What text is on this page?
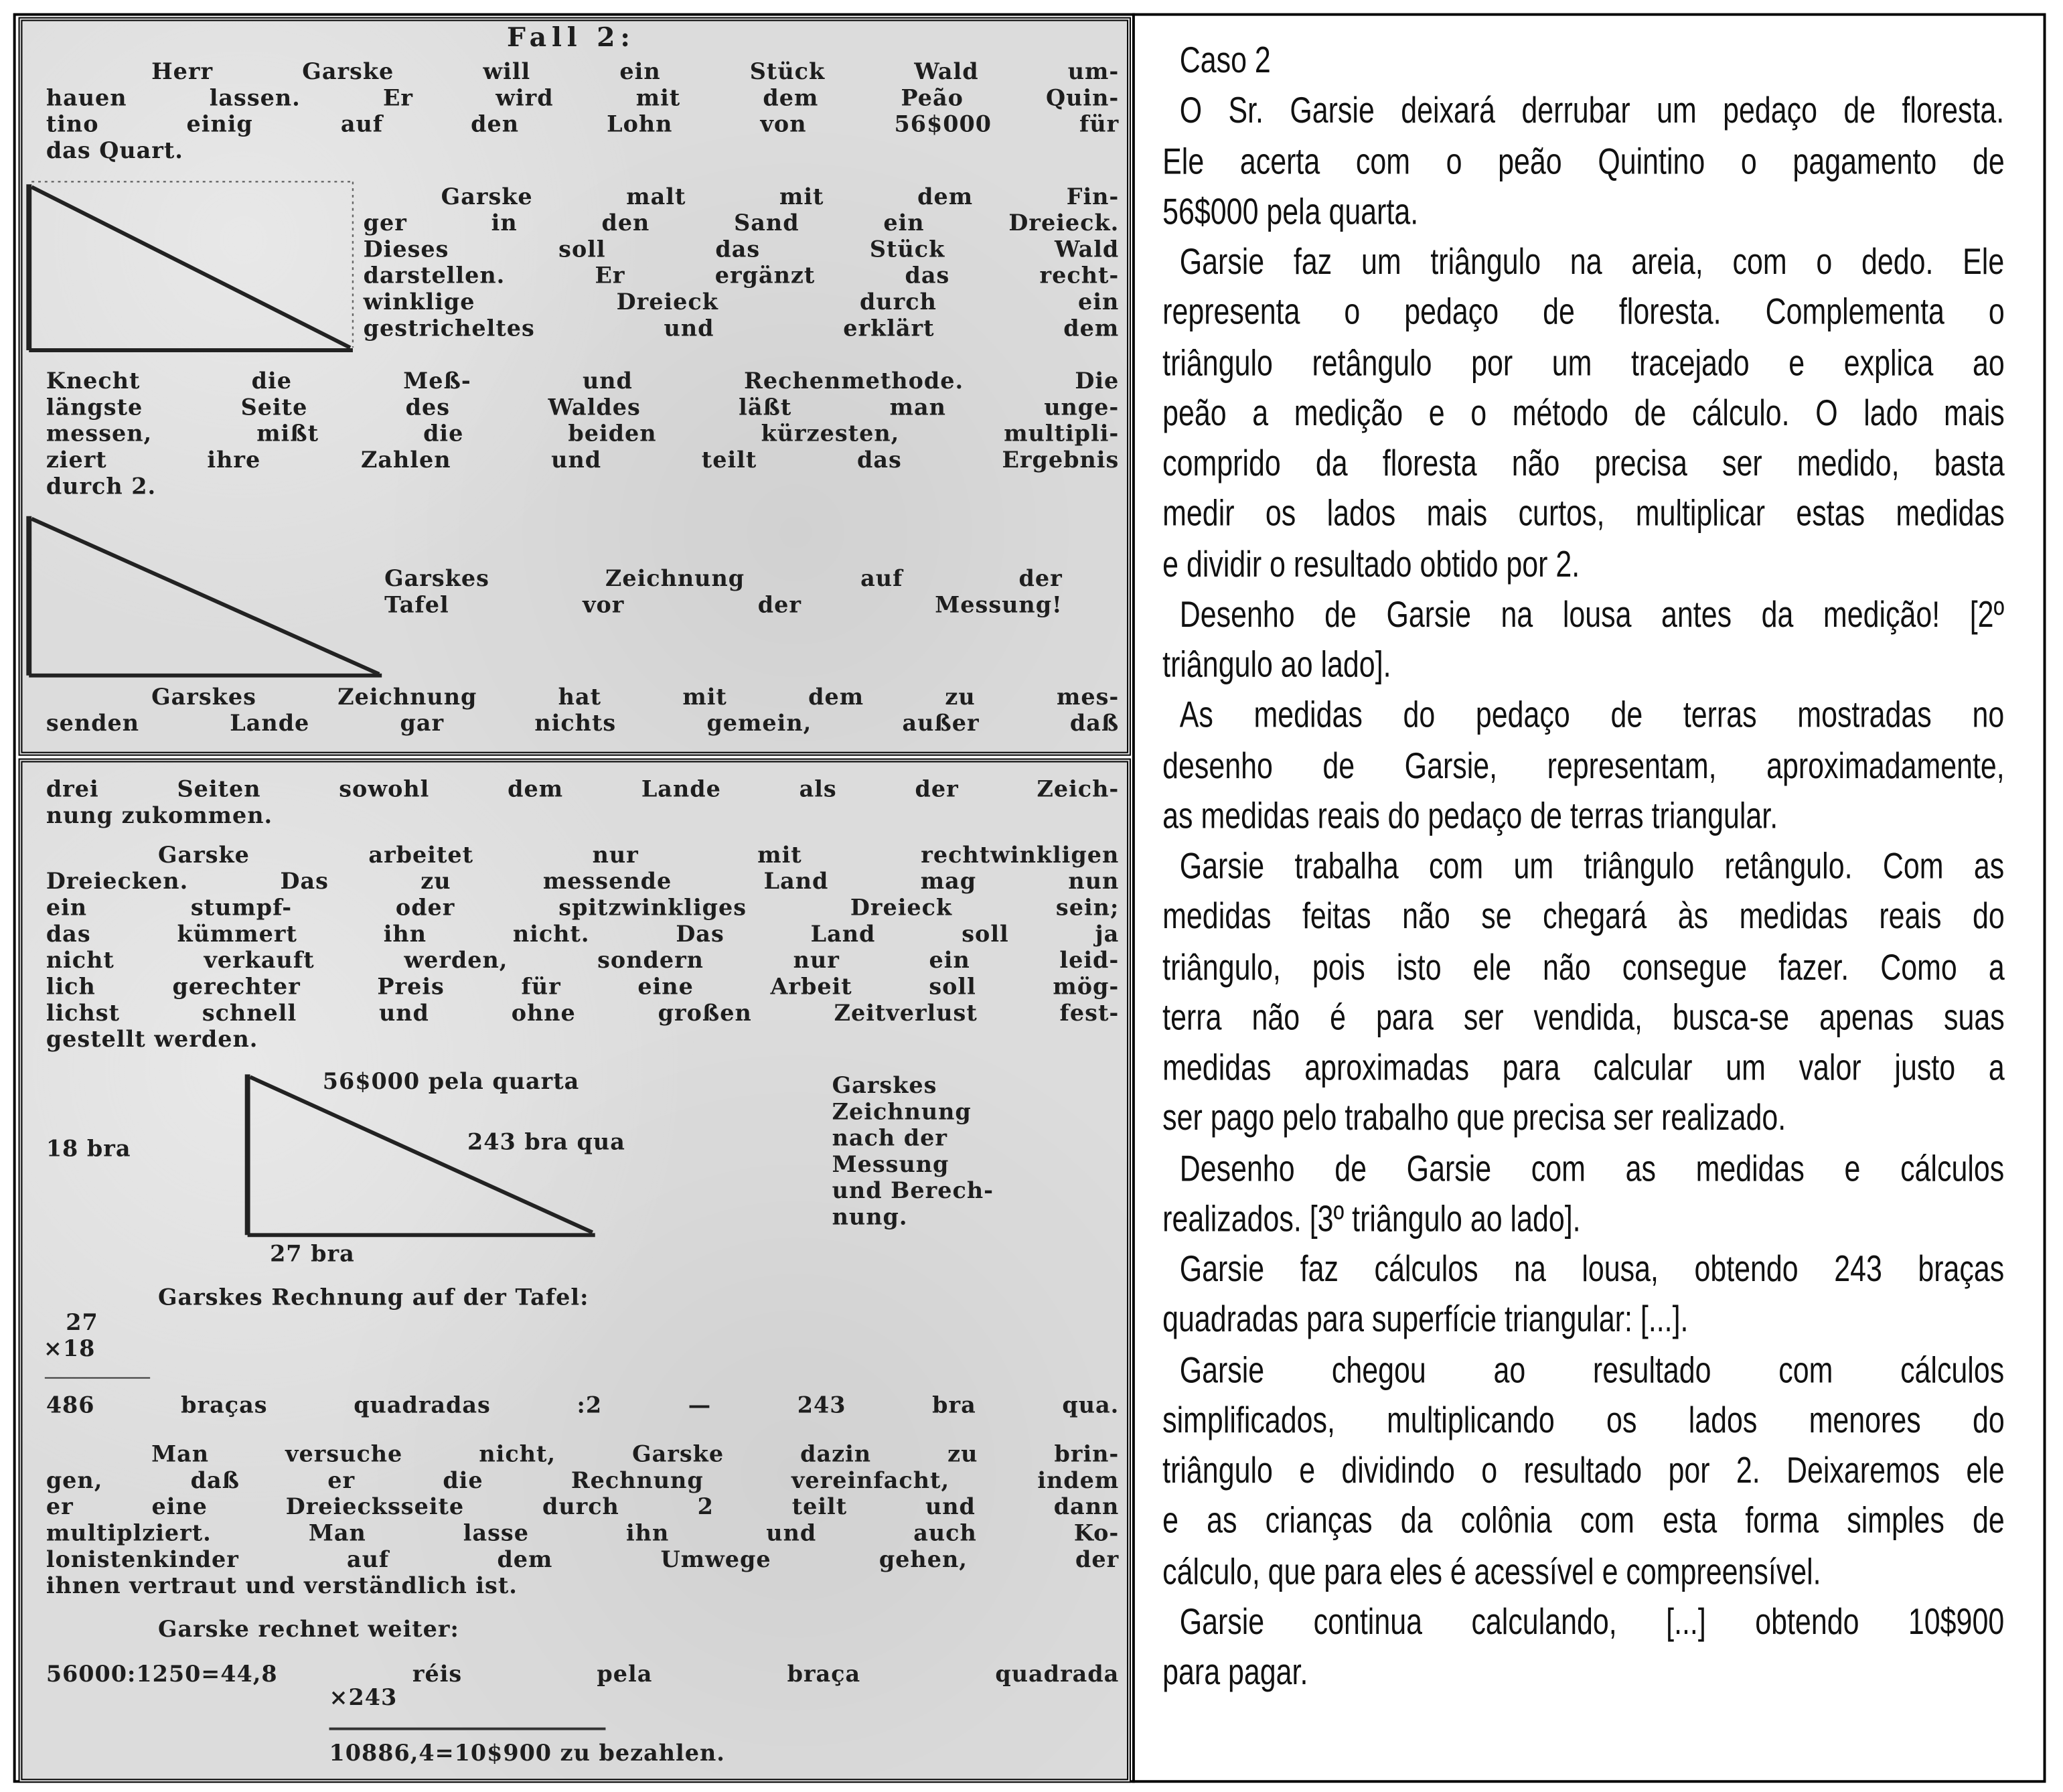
Fall 2:
hauen lassen. Er wird mit dem Peão Quin-
tino einig auf den Lohn von 56$000 für
das Quart.
Herr Garske will ein Stück Wald um-
Garske malt mit dem Fin-
ger in den Sand ein Dreieck.
Dieses soll das Stück Wald
darstellen. Er ergänzt das recht-
winklige Dreieck durch ein
gestricheltes und erklärt dem
Knecht die Meß- und Rechenmethode. Die
längste Seite des Waldes läßt man unge-
messen, mißt die beiden kürzesten, multipli-
ziert ihre Zahlen und teilt das Ergebnis
durch 2.
Garskes Zeichnung auf der
Tafel vor der Messung!
Garskes Zeichnung hat mit dem zu mes-
senden Lande gar nichts gemein, außer daß
drei Seiten sowohl dem Lande als der Zeich-
nung zukommen.
Garske arbeitet nur mit rechtwinkligen
Dreiecken. Das zu messende Land mag nun
ein stumpf- oder spitzwinkliges Dreieck sein;
das kümmert ihn nicht. Das Land soll ja
nicht verkauft werden, sondern nur ein leid-
lich gerechter Preis für eine Arbeit soll mög-
lichst schnell und ohne großen Zeitverlust fest-
gestellt werden.
56$000 pela quarta	Garskes
Zeichnung
nach der
Messung
und Berech-
nung.
18 bra	243 bra qua
27 bra
Garskes Rechnung auf der Tafel:
27
×18
486 braças quadradas :2 — 243 bra qua.
Man versuche nicht, Garske dazin zu brin-
gen, daß er die Rechnung vereinfacht, indem
er eine Dreiecksseite durch 2 teilt und dann
multiplziert. Man lasse ihn und auch Ko-
lonistenkinder auf dem Umwege gehen, der
ihnen vertraut und verständlich ist.
Garske rechnet weiter:
56000:1250=44,8 réis pela braça quadrada
×243
10886,4=10$900 zu bezahlen.
Caso 2
O Sr. Garsie deixará derrubar um pedaço de floresta.
Ele acerta com o peão Quintino o pagamento de
56$000 pela quarta.
Garsie faz um triângulo na areia, com o dedo. Ele
representa o pedaço de floresta. Complementa o
triângulo retângulo por um tracejado e explica ao
peão a medição e o método de cálculo. O lado mais
comprido da floresta não precisa ser medido, basta
medir os lados mais curtos, multiplicar estas medidas
e dividir o resultado obtido por 2.
Desenho de Garsie na lousa antes da medição! [2º
triângulo ao lado].
As medidas do pedaço de terras mostradas no
desenho de Garsie, representam, aproximadamente,
as medidas reais do pedaço de terras triangular.
Garsie trabalha com um triângulo retângulo. Com as
medidas feitas não se chegará às medidas reais do
triângulo, pois isto ele não consegue fazer. Como a
terra não é para ser vendida, busca-se apenas suas
medidas aproximadas para calcular um valor justo a
ser pago pelo trabalho que precisa ser realizado.
Desenho de Garsie com as medidas e cálculos
realizados. [3º triângulo ao lado].
Garsie faz cálculos na lousa, obtendo 243 braças
quadradas para superfície triangular: [...].
Garsie chegou ao resultado com cálculos
simplificados, multiplicando os lados menores do
triângulo e dividindo o resultado por 2. Deixaremos ele
e as crianças da colônia com esta forma simples de
cálculo, que para eles é acessível e compreensível.
Garsie continua calculando, [...] obtendo 10$900
para pagar.
